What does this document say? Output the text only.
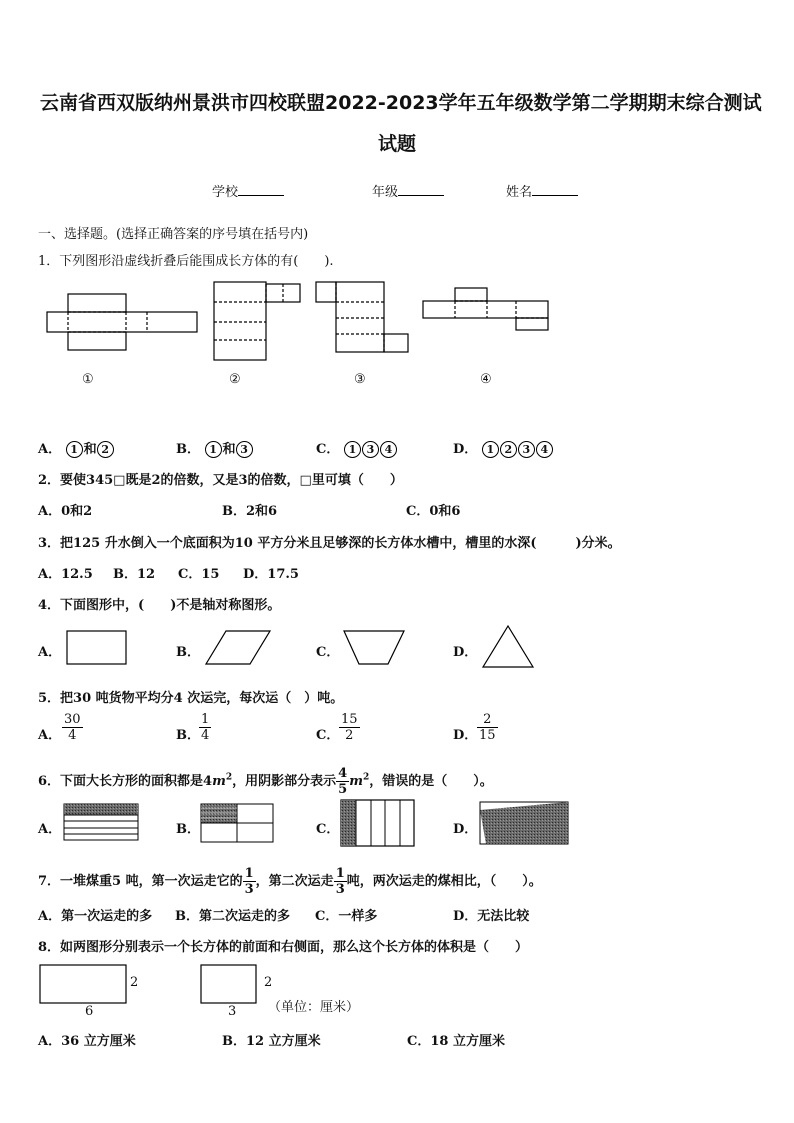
云南省西双版纳州景洪市四校联盟2022-2023学年五年级数学第二学期期末综合测试
试题
学校	年级	姓名
一、选择题。(选择正确答案的序号填在括号内)
1．下列图形沿虚线折叠后能围成长方体的有(　　).
①	②	③	④
A． 1 和 2	B． 1 和 3	C． 1 3 4	D． 1 2 3 4
2．要使345□既是2的倍数，又是3的倍数，□里可填（　　）
A．0和2	B．2和6	C．0和6
3．把125 升水倒入一个底面积为10 平方分米且足够深的长方体水槽中，槽里的水深(　　　)分米。
A．12.5 B．12 C．15 D．17.5
4．下面图形中，(　　)不是轴对称图形。
A．	B．	C．	D．
5．把30 吨货物平均分4 次运完，每次运（　）吨。
A． $\frac{30}{4}$	B． $\frac{1}{4}$	C． $\frac{15}{2}$	D． $\frac{2}{15}$
6．下面大长方形的面积都是$4m^2$，用阴影部分表示 $\frac{4}{5} m^2$，错误的是（　　）。
A．	B．	C．	D．
7．一堆煤重5 吨，第一次运走它的 $\frac{1}{3}$ ，第二次运走 $\frac{1}{3}$ 吨，两次运走的煤相比，（　　）。
A．第一次运走的多 B．第二次运走的多 C．一样多	D．无法比较
8．如两图形分别表示一个长方体的前面和右侧面，那么这个长方体的体积是（　　）
2
6
2
3 （单位：厘米）
A．36 立方厘米	B．12 立方厘米	C．18 立方厘米
